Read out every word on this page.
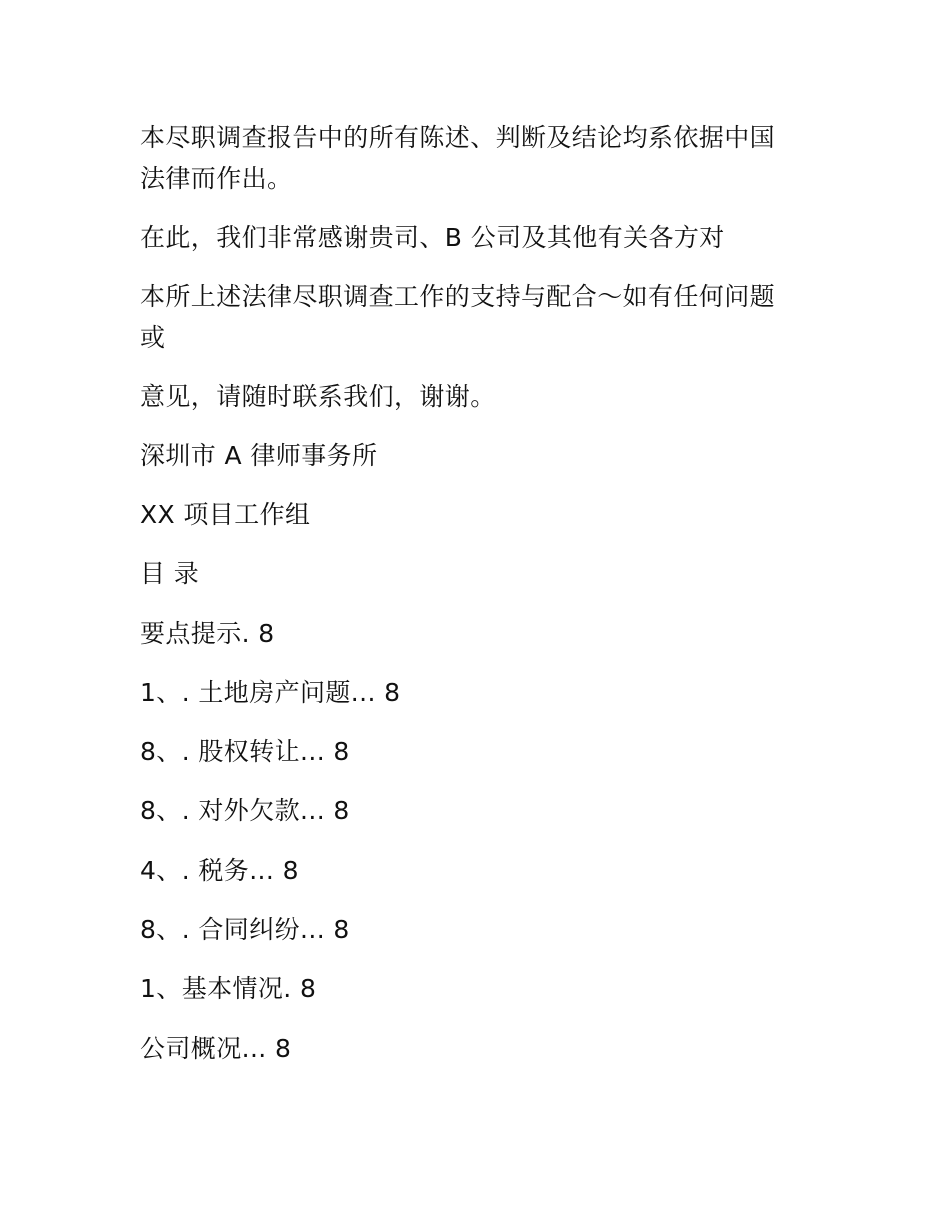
本尽职调查报告中的所有陈述、判断及结论均系依据中国法律而作出。

在此，我们非常感谢贵司、B 公司及其他有关各方对

本所上述法律尽职调查工作的支持与配合～如有任何问题或

意见，请随时联系我们，谢谢。

深圳市 A 律师事务所

XX 项目工作组

目 录

要点提示. 8

1、. 土地房产问题... 8

8、. 股权转让... 8

8、. 对外欠款... 8

4、. 税务... 8

8、. 合同纠纷... 8

1、基本情况. 8

公司概况... 8
